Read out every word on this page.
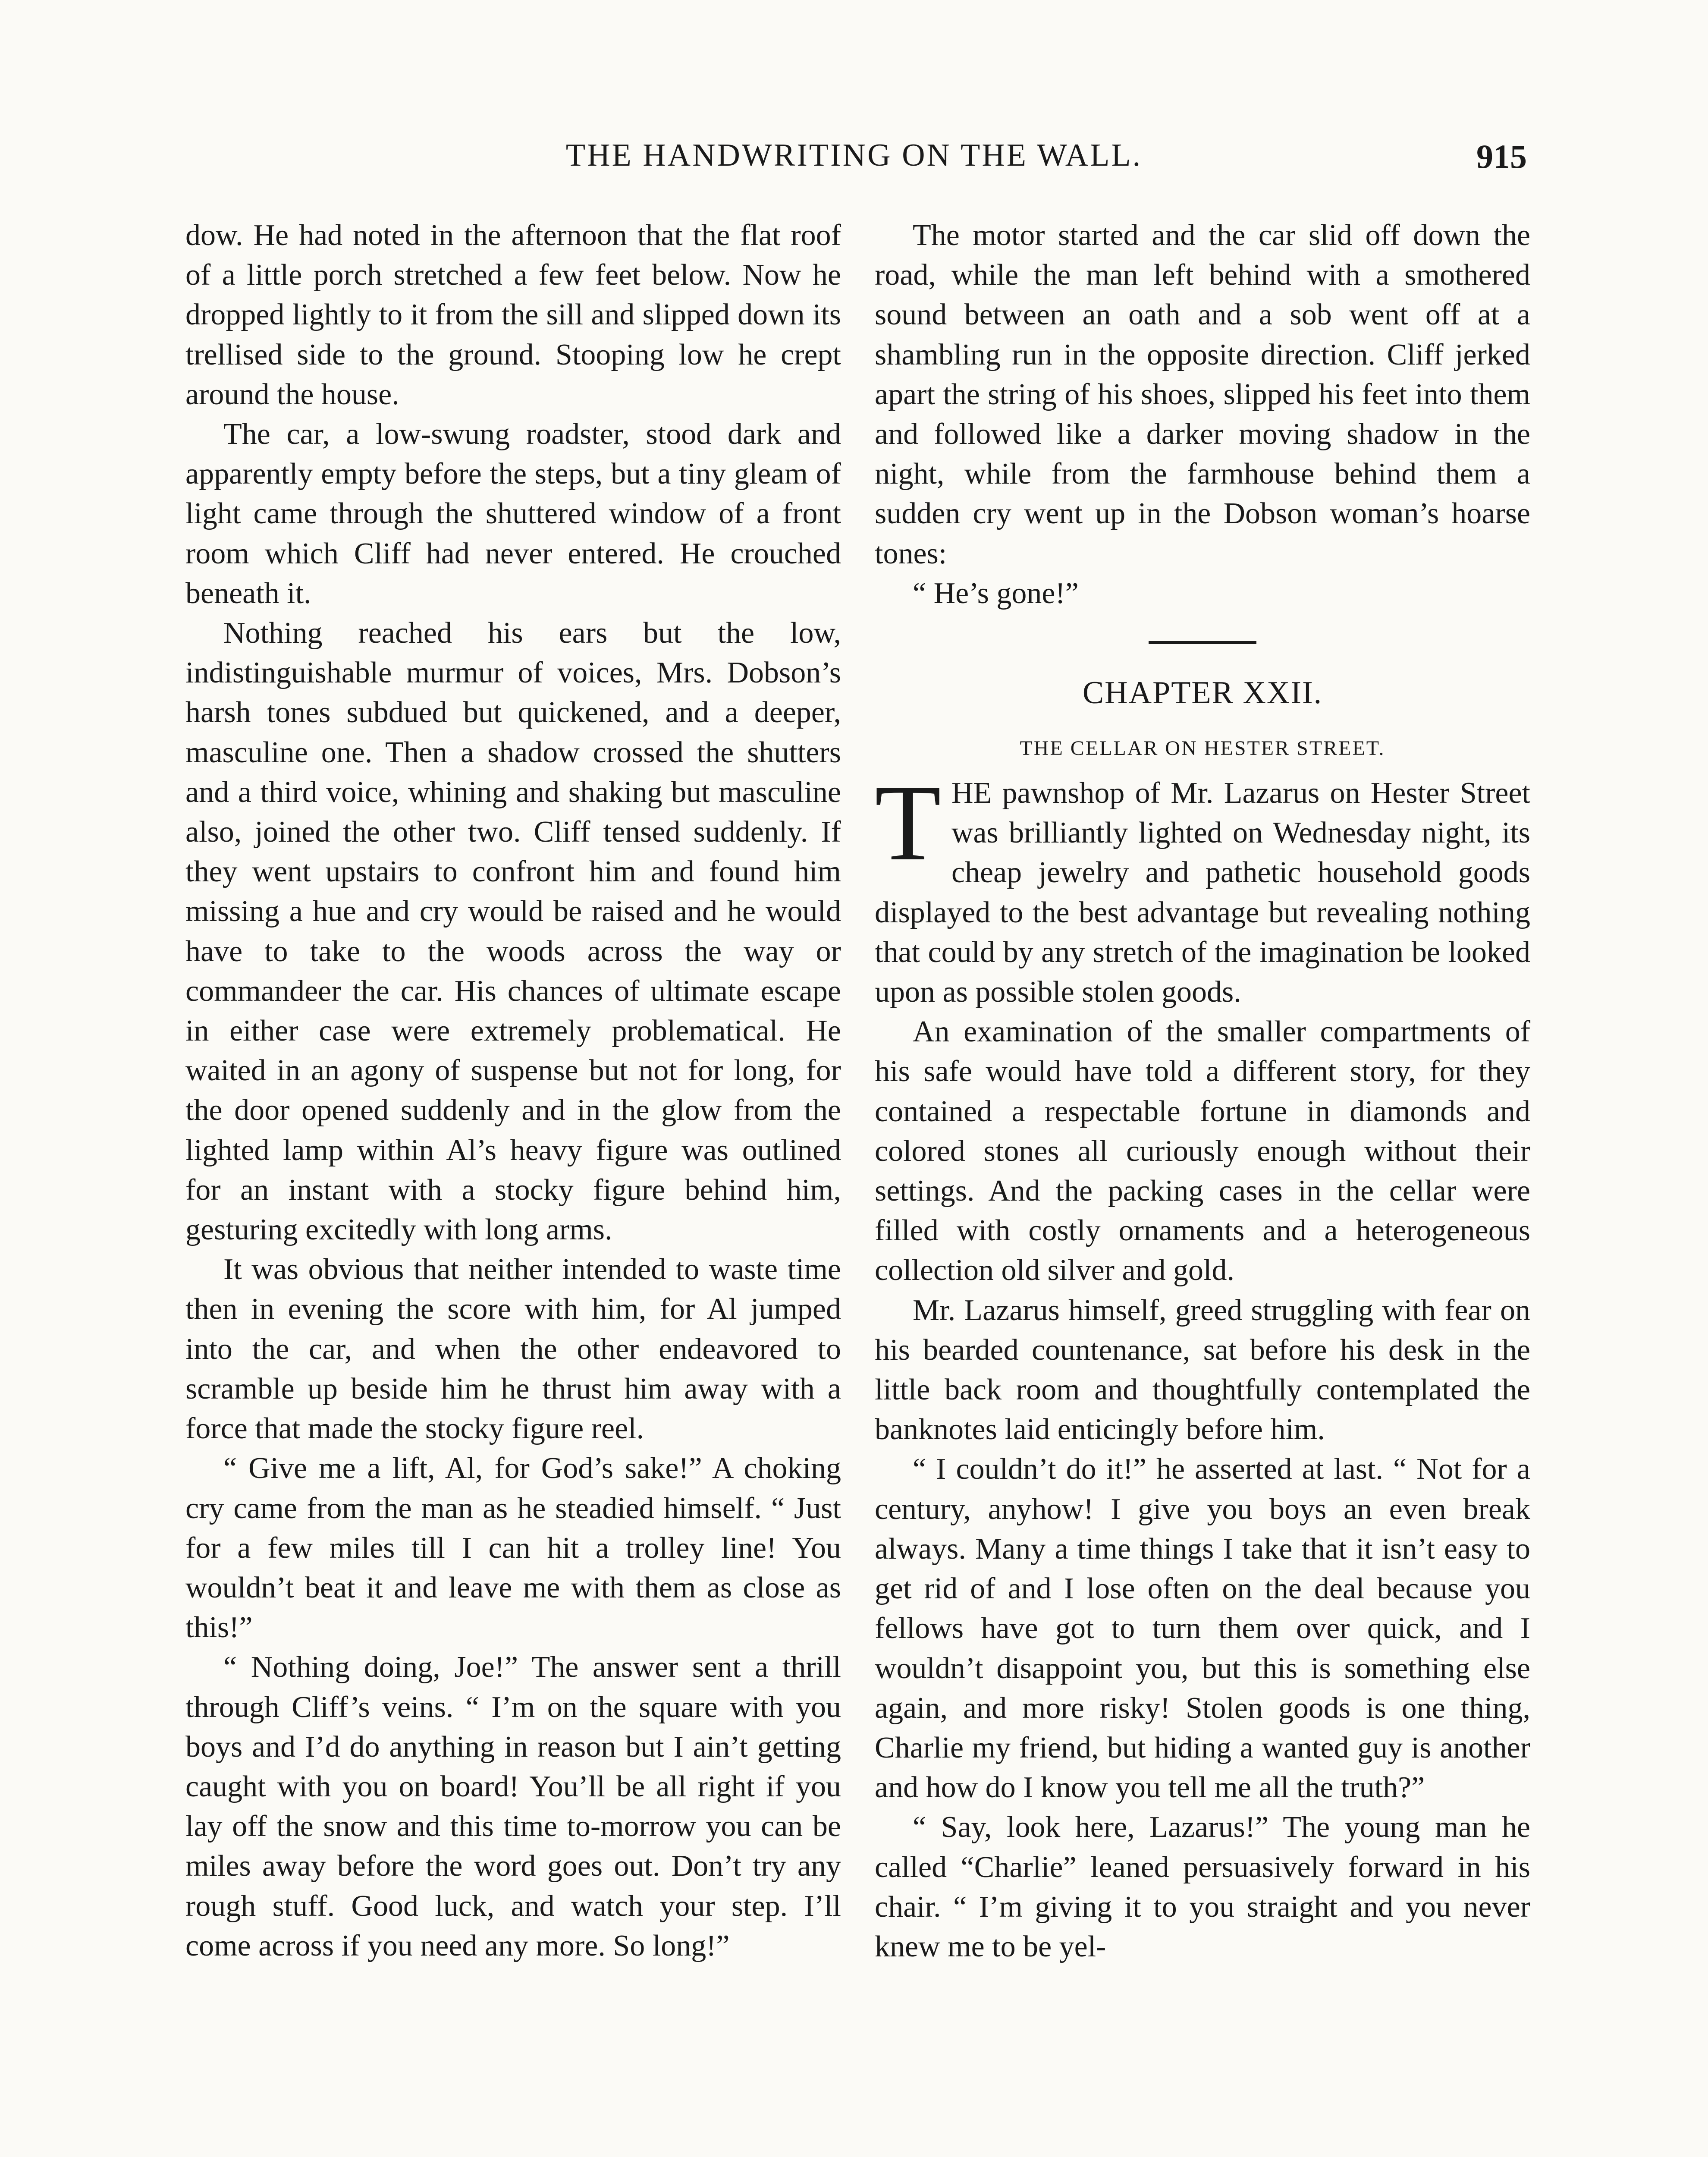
THE HANDWRITING ON THE WALL.	915

dow. He had noted in the afternoon that the flat roof of a little porch stretched a few feet below. Now he dropped lightly to it from the sill and slipped down its trellised side to the ground. Stooping low he crept around the house.

The car, a low-swung roadster, stood dark and apparently empty before the steps, but a tiny gleam of light came through the shuttered window of a front room which Cliff had never entered. He crouched beneath it.

Nothing reached his ears but the low, indistinguishable murmur of voices, Mrs. Dobson’s harsh tones subdued but quickened, and a deeper, masculine one. Then a shadow crossed the shutters and a third voice, whining and shaking but masculine also, joined the other two. Cliff tensed suddenly. If they went upstairs to confront him and found him missing a hue and cry would be raised and he would have to take to the woods across the way or commandeer the car. His chances of ultimate escape in either case were extremely problematical. He waited in an agony of suspense but not for long, for the door opened suddenly and in the glow from the lighted lamp within Al’s heavy figure was outlined for an instant with a stocky figure behind him, gesturing excitedly with long arms.

It was obvious that neither intended to waste time then in evening the score with him, for Al jumped into the car, and when the other endeavored to scramble up beside him he thrust him away with a force that made the stocky figure reel.

“ Give me a lift, Al, for God’s sake!” A choking cry came from the man as he steadied himself. “ Just for a few miles till I can hit a trolley line! You wouldn’t beat it and leave me with them as close as this!”

“ Nothing doing, Joe!” The answer sent a thrill through Cliff’s veins. “ I’m on the square with you boys and I’d do anything in reason but I ain’t getting caught with you on board! You’ll be all right if you lay off the snow and this time to-morrow you can be miles away before the word goes out. Don’t try any rough stuff. Good luck, and watch your step. I’ll come across if you need any more. So long!”

The motor started and the car slid off down the road, while the man left behind with a smothered sound between an oath and a sob went off at a shambling run in the opposite direction. Cliff jerked apart the string of his shoes, slipped his feet into them and followed like a darker moving shadow in the night, while from the farmhouse behind them a sudden cry went up in the Dobson woman’s hoarse tones:

“ He’s gone!”

CHAPTER XXII.
THE CELLAR ON HESTER STREET.

THE pawnshop of Mr. Lazarus on Hester Street was brilliantly lighted on Wednesday night, its cheap jewelry and pathetic household goods displayed to the best advantage but revealing nothing that could by any stretch of the imagination be looked upon as possible stolen goods.

An examination of the smaller compartments of his safe would have told a different story, for they contained a respectable fortune in diamonds and colored stones all curiously enough without their settings. And the packing cases in the cellar were filled with costly ornaments and a heterogeneous collection old silver and gold.

Mr. Lazarus himself, greed struggling with fear on his bearded countenance, sat before his desk in the little back room and thoughtfully contemplated the banknotes laid enticingly before him.

“ I couldn’t do it!” he asserted at last. “ Not for a century, anyhow! I give you boys an even break always. Many a time things I take that it isn’t easy to get rid of and I lose often on the deal because you fellows have got to turn them over quick, and I wouldn’t disappoint you, but this is something else again, and more risky! Stolen goods is one thing, Charlie my friend, but hiding a wanted guy is another and how do I know you tell me all the truth?”

“ Say, look here, Lazarus!” The young man he called “Charlie” leaned persuasively forward in his chair. “ I’m giving it to you straight and you never knew me to be yel-
